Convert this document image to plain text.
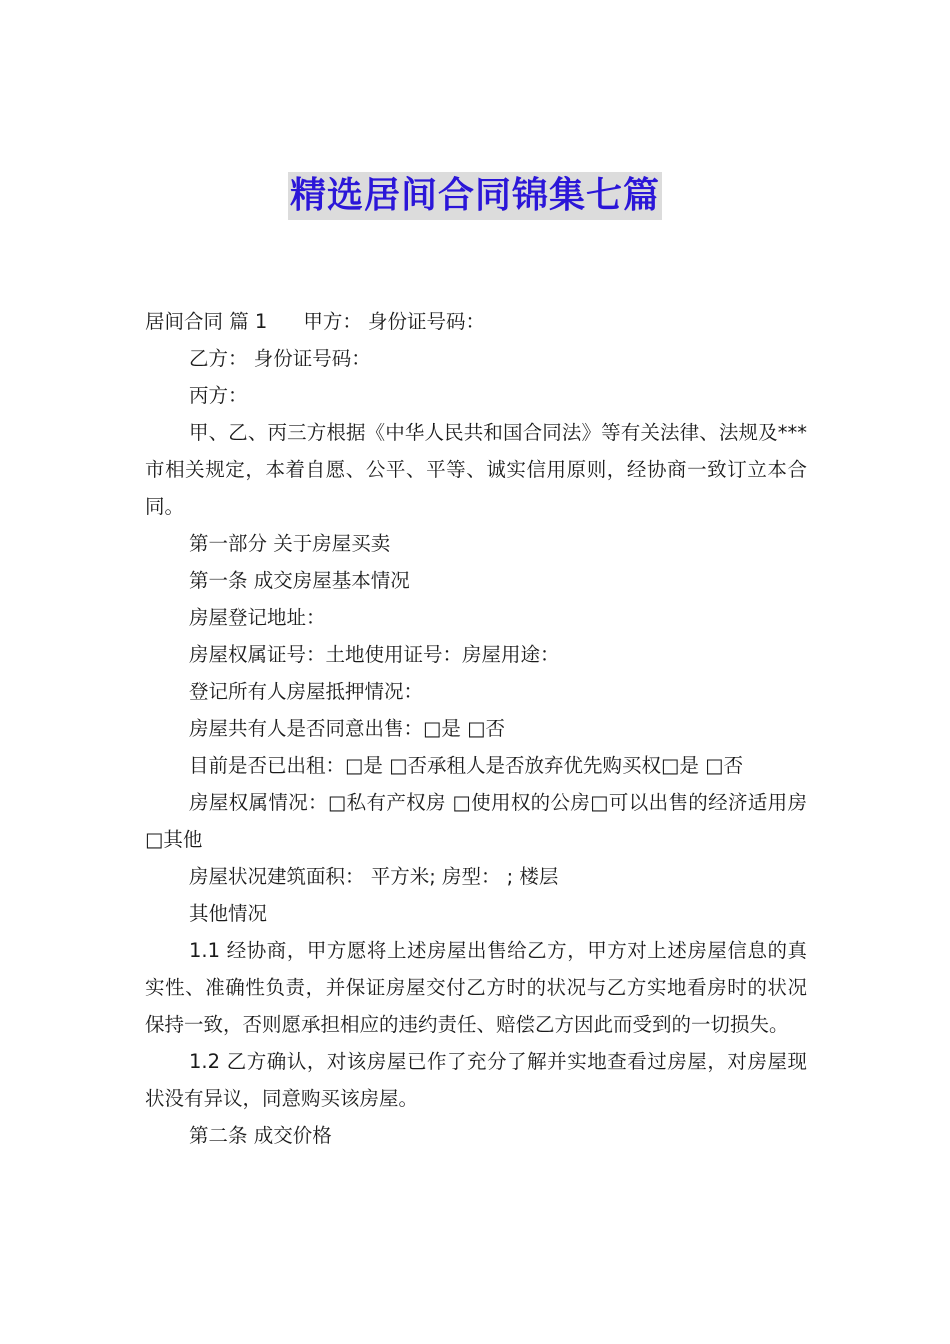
精选居间合同锦集七篇

居间合同 篇 1 甲方： 身份证号码：

乙方： 身份证号码：

丙方：

甲、乙、丙三方根据《中华人民共和国合同法》等有关法律、法规及***市相关规定，本着自愿、公平、平等、诚实信用原则，经协商一致订立本合同。

第一部分 关于房屋买卖

第一条 成交房屋基本情况

房屋登记地址：

房屋权属证号：土地使用证号：房屋用途：

登记所有人房屋抵押情况：

房屋共有人是否同意出售：□是 □否

目前是否已出租：□是 □否承租人是否放弃优先购买权□是 □否

房屋权属情况：□私有产权房 □使用权的公房□可以出售的经济适用房 □其他

房屋状况建筑面积： 平方米; 房型： ; 楼层

其他情况

1.1 经协商，甲方愿将上述房屋出售给乙方，甲方对上述房屋信息的真实性、准确性负责，并保证房屋交付乙方时的状况与乙方实地看房时的状况保持一致，否则愿承担相应的违约责任、赔偿乙方因此而受到的一切损失。

1.2 乙方确认，对该房屋已作了充分了解并实地查看过房屋，对房屋现状没有异议，同意购买该房屋。

第二条 成交价格
